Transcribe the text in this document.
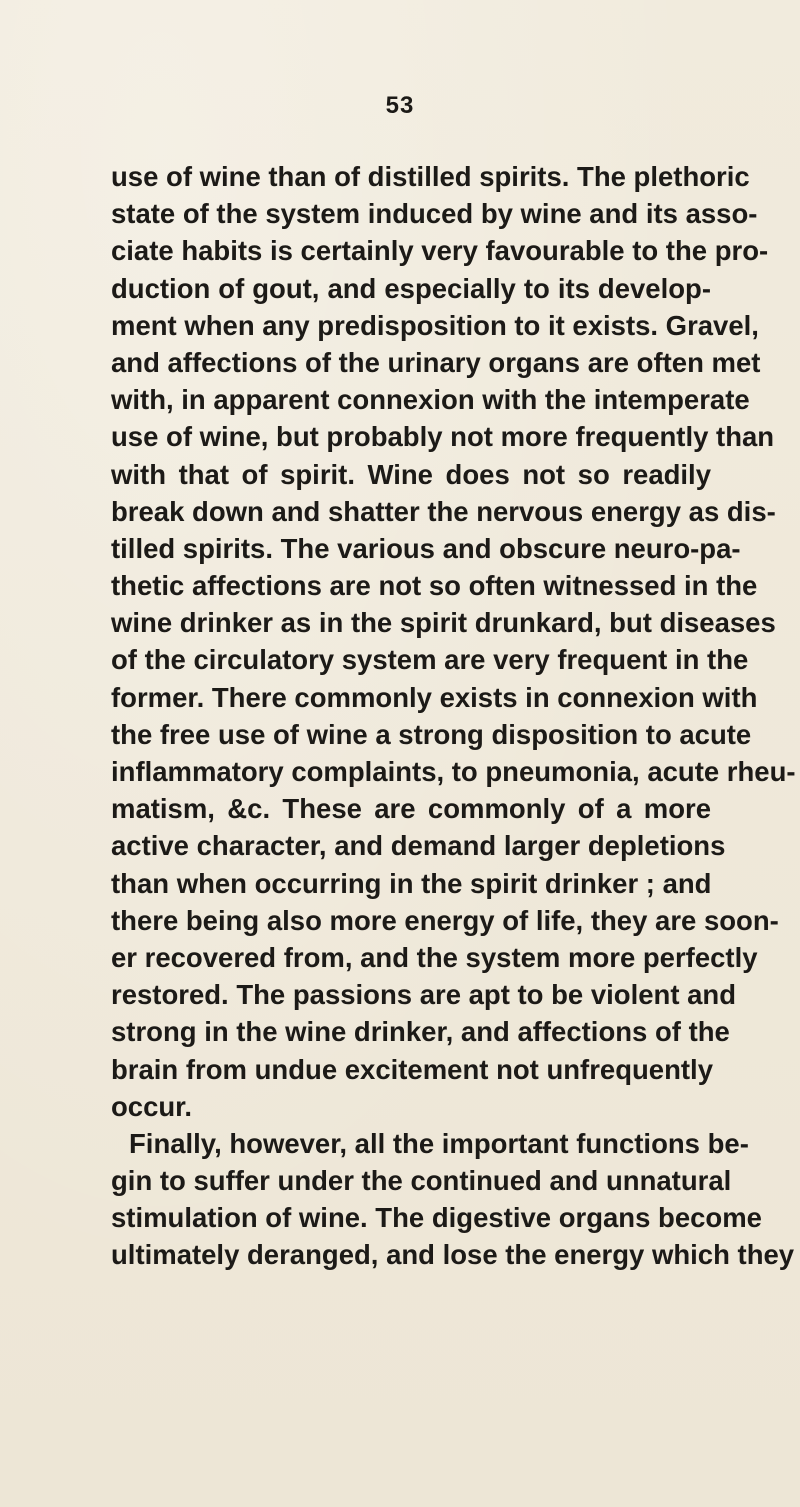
53
use of wine than of distilled spirits. The plethoric
state of the system induced by wine and its asso-
ciate habits is certainly very favourable to the pro-
duction of gout, and especially to its develop-
ment when any predisposition to it exists. Gravel,
and affections of the urinary organs are often met
with, in apparent connexion with the intemperate
use of wine, but probably not more frequently than
with that of spirit. Wine does not so readily
break down and shatter the nervous energy as dis-
tilled spirits. The various and obscure neuro-pa-
thetic affections are not so often witnessed in the
wine drinker as in the spirit drunkard, but diseases
of the circulatory system are very frequent in the
former. There commonly exists in connexion with
the free use of wine a strong disposition to acute
inflammatory complaints, to pneumonia, acute rheu-
matism, &c. These are commonly of a more
active character, and demand larger depletions
than when occurring in the spirit drinker ; and
there being also more energy of life, they are soon-
er recovered from, and the system more perfectly
restored. The passions are apt to be violent and
strong in the wine drinker, and affections of the
brain from undue excitement not unfrequently
occur.
Finally, however, all the important functions be-
gin to suffer under the continued and unnatural
stimulation of wine. The digestive organs become
ultimately deranged, and lose the energy which they
